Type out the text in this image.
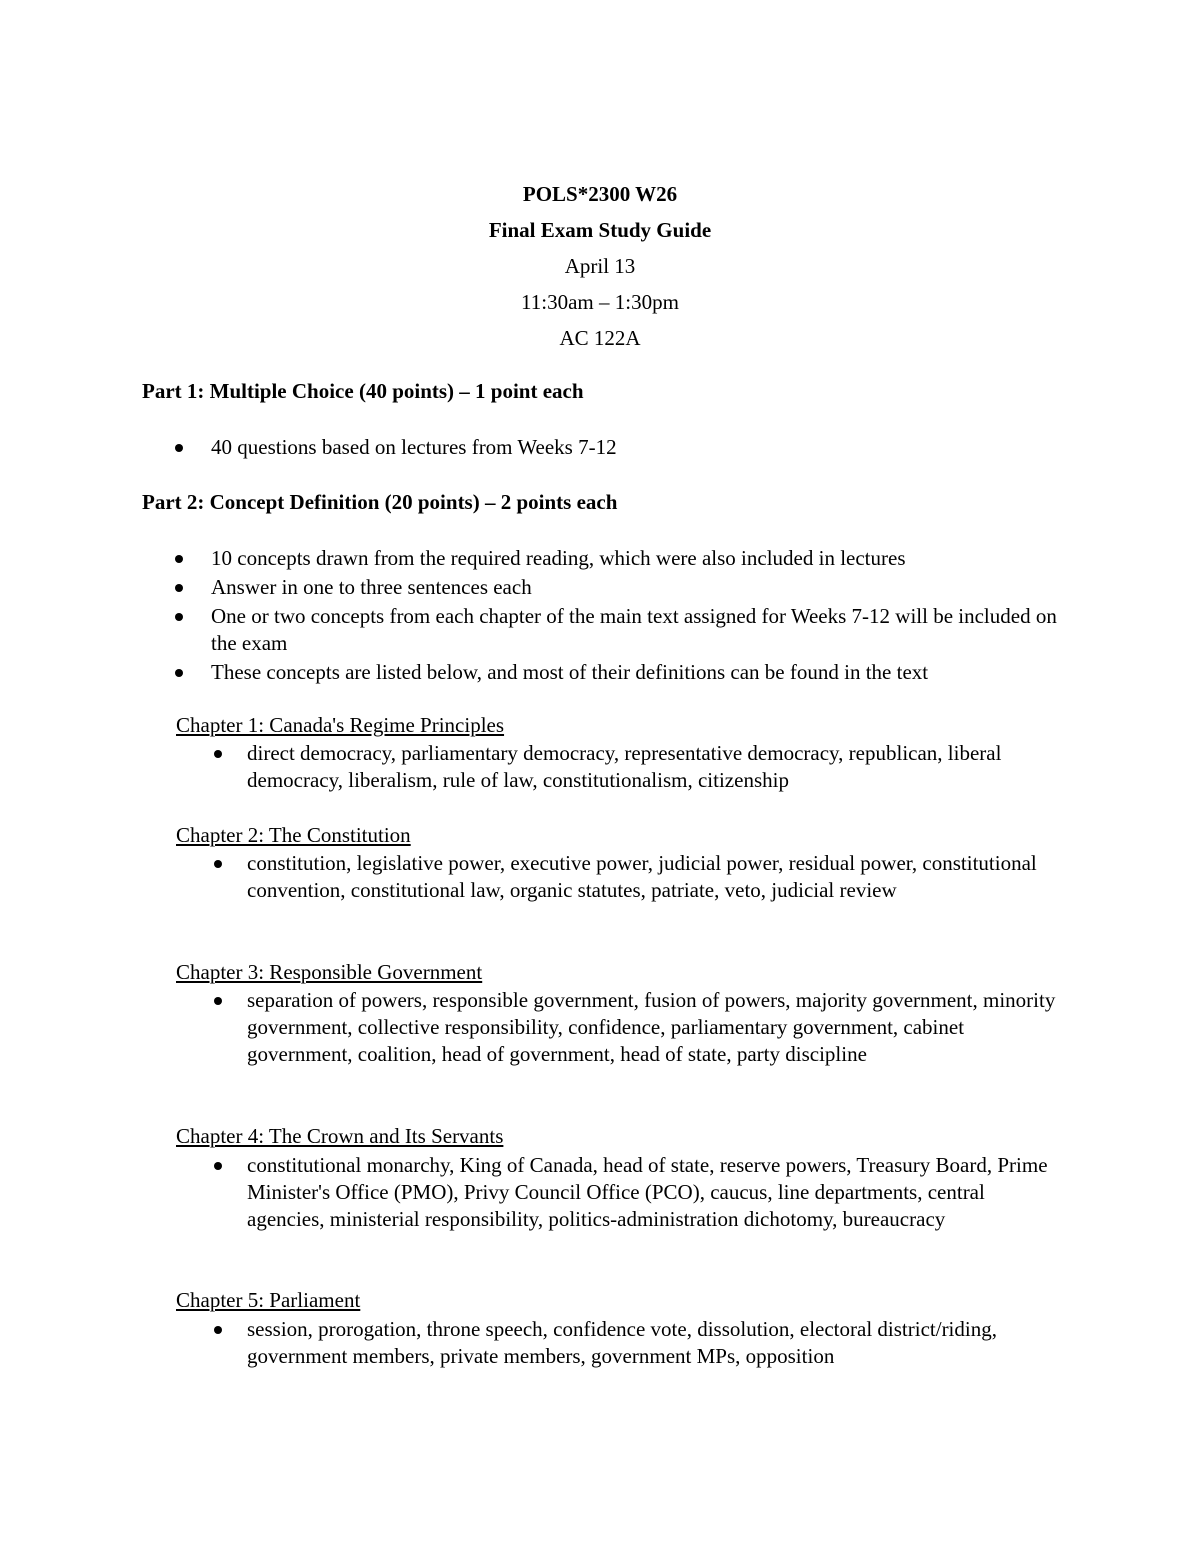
POLS*2300 W26
Final Exam Study Guide
April 13
11:30am – 1:30pm
AC 122A
Part 1: Multiple Choice (40 points) – 1 point each
40 questions based on lectures from Weeks 7-12
Part 2: Concept Definition (20 points) – 2 points each
10 concepts drawn from the required reading, which were also included in lectures
Answer in one to three sentences each
One or two concepts from each chapter of the main text assigned for Weeks 7-12 will be included on the exam
These concepts are listed below, and most of their definitions can be found in the text
Chapter 1: Canada's Regime Principles
direct democracy, parliamentary democracy, representative democracy, republican, liberal democracy, liberalism, rule of law, constitutionalism, citizenship
Chapter 2: The Constitution
constitution, legislative power, executive power, judicial power, residual power, constitutional convention, constitutional law, organic statutes, patriate, veto, judicial review
Chapter 3: Responsible Government
separation of powers, responsible government, fusion of powers, majority government, minority government, collective responsibility, confidence, parliamentary government, cabinet government, coalition, head of government, head of state, party discipline
Chapter 4: The Crown and Its Servants
constitutional monarchy, King of Canada, head of state, reserve powers, Treasury Board, Prime Minister's Office (PMO), Privy Council Office (PCO), caucus, line departments, central agencies, ministerial responsibility, politics-administration dichotomy, bureaucracy
Chapter 5: Parliament
session, prorogation, throne speech, confidence vote, dissolution, electoral district/riding, government members, private members, government MPs, opposition
